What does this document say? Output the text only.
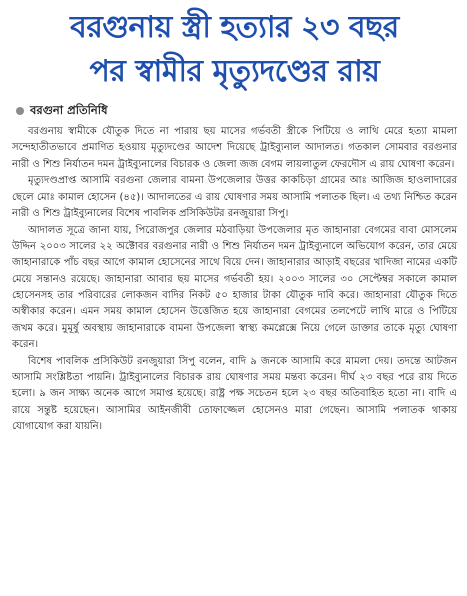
বরগুনায় স্ত্রী হত্যার ২৩ বছর
পর স্বামীর মৃত্যুদণ্ডের রায়
বরগুনা প্রতিনিধি

বরগুনায় স্বামীকে যৌতুক দিতে না পারায় ছয় মাসের গর্ভবতী স্ত্রীকে পিটিয়ে ও লাথি মেরে হত্যা মামলা সন্দেহাতীতভাবে প্রমাণিত হওয়ায় মৃত্যুদণ্ডের আদেশ দিয়েছে ট্রাইব্যুনাল আদালত। গতকাল সোমবার বরগুনার নারী ও শিশু নির্যাতন দমন ট্রাইব্যুনালের বিচারক ও জেলা জজ বেগম লায়লাতুল ফেরদৌস এ রায় ঘোষণা করেন।

মৃত্যুদণ্ডপ্রাপ্ত আসামি বরগুনা জেলার বামনা উপজেলার উত্তর কাকচিড়া গ্রামের আঃ আজিজ হাওলাদারের ছেলে মোঃ কামাল হোসেন (৪৫)। আদালতের এ রায় ঘোষণার সময় আসামি পলাতক ছিল। এ তথ্য নিশ্চিত করেন নারী ও শিশু ট্রাইব্যুনালের বিশেষ পাবলিক প্রসিকিউটর রনজুয়ারা সিপু।

আদালত সূত্রে জানা যায়, পিরোজপুর জেলার মঠবাড়িয়া উপজেলার মৃত জাহানারা বেগমের বাবা মোসলেম উদ্দিন ২০০৩ সালের ২২ অক্টোবর বরগুনার নারী ও শিশু নির্যাতন দমন ট্রাইব্যুনালে অভিযোগ করেন, তার মেয়ে জাহানারাকে পাঁচ বছর আগে কামাল হোসেনের সাথে বিয়ে দেন। জাহানারার আড়াই বছরের খাদিজা নামের একটি মেয়ে সন্তানও রয়েছে। জাহানারা আবার ছয় মাসের গর্ভবতী হয়। ২০০৩ সালের ৩০ সেপ্টেম্বর সকালে কামাল হোসেনসহ তার পরিবারের লোকজন বাদির নিকট ৫০ হাজার টাকা যৌতুক দাবি করে। জাহানারা যৌতুক দিতে অস্বীকার করেন। এমন সময় কামাল হোসেন উত্তেজিত হয়ে জাহানারা বেগমের তলপেটে লাথি মারে ও পিটিয়ে জখম করে। মুমূর্ষু অবস্থায় জাহানারাকে বামনা উপজেলা স্বাস্থ্য কমপ্লেক্সে নিয়ে গেলে ডাক্তার তাকে মৃত্যু ঘোষণা করেন।

বিশেষ পাবলিক প্রসিকিউট রনজুয়ারা সিপু বলেন, বাদি ৯ জনকে আসামি করে মামলা দেয়। তদন্তে আটজন আসামি সংশ্লিষ্টতা পায়নি। ট্রাইব্যুনালের বিচারক রায় ঘোষণার সময় মন্তব্য করেন। দীর্ঘ ২৩ বছর পরে রায় দিতে হলো। ৯ জন সাক্ষ্য অনেক আগে সমাপ্ত হয়েছে। রাষ্ট্র পক্ষ সচেতন হলে ২৩ বছর অতিবাহিত হতো না। বাদি এ রায়ে সন্তুষ্ট হয়েছেন। আসামির আইনজীবী তোফাজ্জেল হোসেনও মারা গেছেন। আসামি পলাতক থাকায় যোগাযোগ করা যায়নি।
